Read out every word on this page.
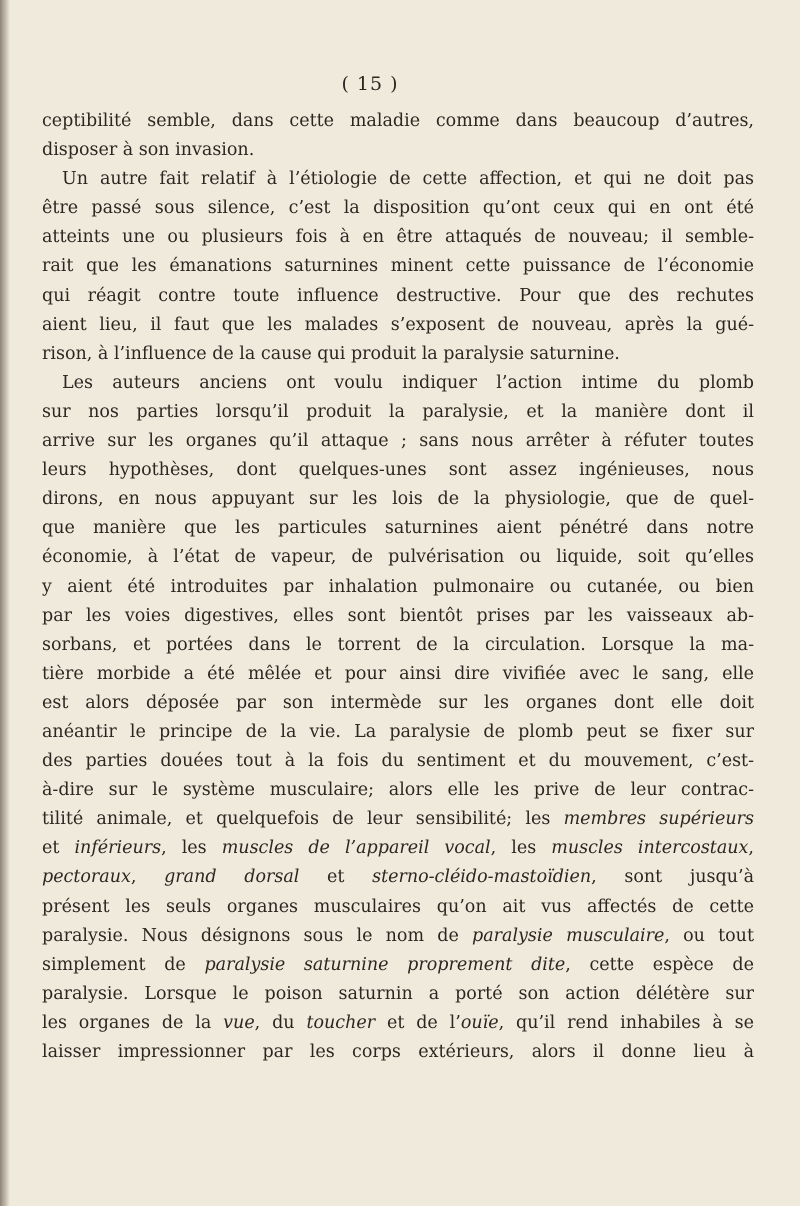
( 15 )

ceptibilité semble, dans cette maladie comme dans beaucoup d’autres,
disposer à son invasion.

Un autre fait relatif à l’étiologie de cette affection, et qui ne doit pas
être passé sous silence, c’est la disposition qu’ont ceux qui en ont été
atteints une ou plusieurs fois à en être attaqués de nouveau; il semble-
rait que les émanations saturnines minent cette puissance de l’économie
qui réagit contre toute influence destructive. Pour que des rechutes
aient lieu, il faut que les malades s’exposent de nouveau, après la gué-
rison, à l’influence de la cause qui produit la paralysie saturnine.

Les auteurs anciens ont voulu indiquer l’action intime du plomb
sur nos parties lorsqu’il produit la paralysie, et la manière dont il
arrive sur les organes qu’il attaque ; sans nous arrêter à réfuter toutes
leurs hypothèses, dont quelques-unes sont assez ingénieuses, nous
dirons, en nous appuyant sur les lois de la physiologie, que de quel-
que manière que les particules saturnines aient pénétré dans notre
économie, à l’état de vapeur, de pulvérisation ou liquide, soit qu’elles
y aient été introduites par inhalation pulmonaire ou cutanée, ou bien
par les voies digestives, elles sont bientôt prises par les vaisseaux ab-
sorbans, et portées dans le torrent de la circulation. Lorsque la ma-
tière morbide a été mêlée et pour ainsi dire vivifiée avec le sang, elle
est alors déposée par son intermède sur les organes dont elle doit
anéantir le principe de la vie. La paralysie de plomb peut se fixer sur
des parties douées tout à la fois du sentiment et du mouvement, c’est-
à-dire sur le système musculaire; alors elle les prive de leur contrac-
tilité animale, et quelquefois de leur sensibilité; les membres supérieurs
et inférieurs, les muscles de l’appareil vocal, les muscles intercostaux,
pectoraux, grand dorsal et sterno-cléido-mastoïdien, sont jusqu’à
présent les seuls organes musculaires qu’on ait vus affectés de cette
paralysie. Nous désignons sous le nom de paralysie musculaire, ou tout
simplement de paralysie saturnine proprement dite, cette espèce de
paralysie. Lorsque le poison saturnin a porté son action délétère sur
les organes de la vue, du toucher et de l’ouïe, qu’il rend inhabiles à se
laisser impressionner par les corps extérieurs, alors il donne lieu à
